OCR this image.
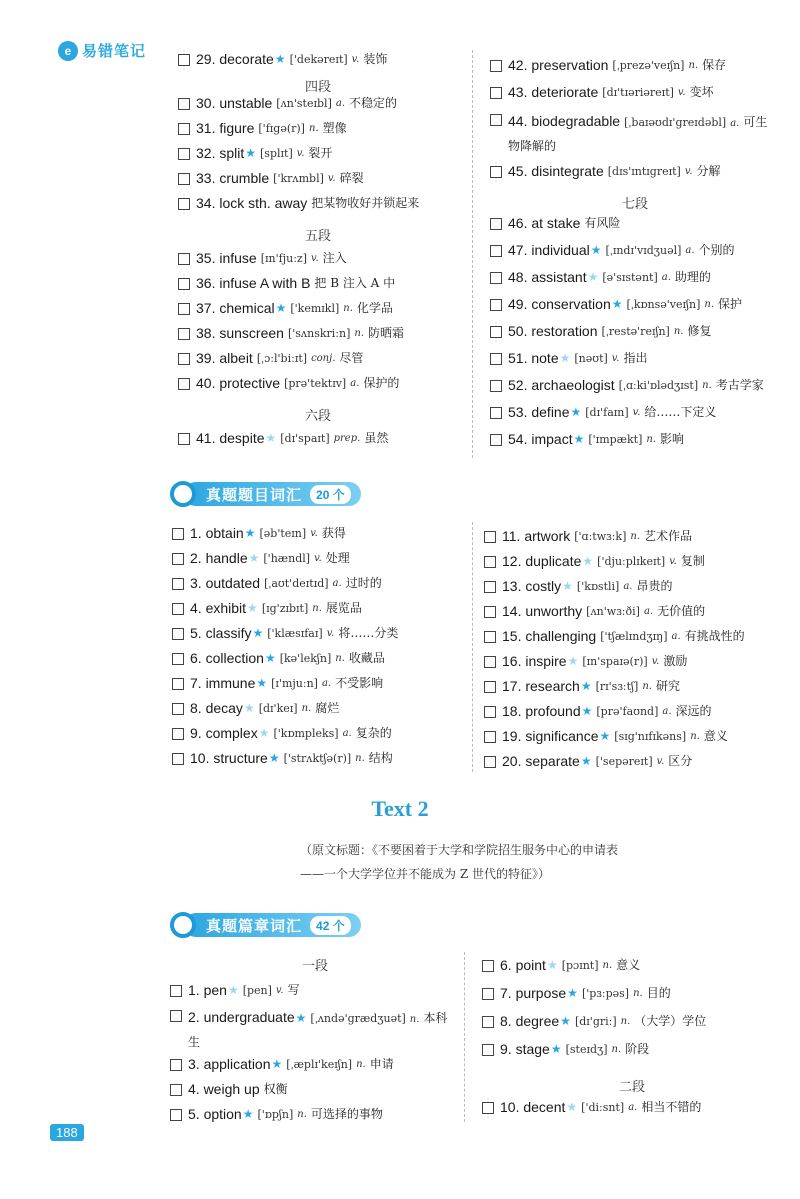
e 易错笔记	29. decorate ★ ['dekəreɪt] v. 装饰
四段
30. unstable [ʌn'steɪbl] a. 不稳定的
31. figure ['fɪgə(r)] n. 塑像
32. split ★ [splɪt] v. 裂开
33. crumble ['krʌmbl] v. 碎裂
34. lock sth. away 把某物收好并锁起来
五段
35. infuse [ɪn'fjuːz] v. 注入
36. infuse A with B 把 B 注入 A 中
37. chemical ★ ['kemɪkl] n. 化学品
38. sunscreen ['sʌnskriːn] n. 防晒霜
39. albeit [ˌɔːl'biːɪt] conj. 尽管
40. protective [prə'tektɪv] a. 保护的
六段
41. despite ★ [dɪ'spaɪt] prep. 虽然
42. preservation [ˌprezə'veɪʃn] n. 保存
43. deteriorate [dɪ'tɪəriəreɪt] v. 变坏
44. biodegradable [ˌbaɪəʊdɪ'greɪdəbl] a. 可生物降解的
45. disintegrate [dɪs'ɪntɪgreɪt] v. 分解
七段
46. at stake 有风险
47. individual ★ [ˌɪndɪ'vɪdʒuəl] a. 个别的
48. assistant ★ [ə'sɪstənt] a. 助理的
49. conservation ★ [ˌkɒnsə'veɪʃn] n. 保护
50. restoration [ˌrestə'reɪʃn] n. 修复
51. note ★ [nəʊt] v. 指出
52. archaeologist [ˌɑːki'ɒlədʒɪst] n. 考古学家
53. define ★ [dɪ'faɪn] v. 给……下定义
54. impact ★ ['ɪmpækt] n. 影响
真题题目词汇	20 个
1. obtain ★ [əb'teɪn] v. 获得
2. handle ★ ['hændl] v. 处理
3. outdated [ˌaʊt'deɪtɪd] a. 过时的
4. exhibit ★ [ɪg'zɪbɪt] n. 展览品
5. classify ★ ['klæsɪfaɪ] v. 将……分类
6. collection ★ [kə'lekʃn] n. 收藏品
7. immune ★ [ɪ'mjuːn] a. 不受影响
8. decay ★ [dɪ'keɪ] n. 腐烂
9. complex ★ ['kɒmpleks] a. 复杂的
10. structure ★ ['strʌktʃə(r)] n. 结构
11. artwork ['ɑːtwɜːk] n. 艺术作品
12. duplicate ★ ['djuːplɪkeɪt] v. 复制
13. costly ★ ['kɒstli] a. 昂贵的
14. unworthy [ʌn'wɜːði] a. 无价值的
15. challenging ['tʃælɪndʒɪŋ] a. 有挑战性的
16. inspire ★ [ɪn'spaɪə(r)] v. 激励
17. research ★ [rɪ'sɜːtʃ] n. 研究
18. profound ★ [prə'faʊnd] a. 深远的
19. significance ★ [sɪg'nɪfɪkəns] n. 意义
20. separate ★ ['sepəreɪt] v. 区分
Text 2
（原文标题：《不要困着于大学和学院招生服务中心的申请表——一个大学学位并不能成为 Z 世代的特征》）
真题篇章词汇	42 个
一段
1. pen ★ [pen] v. 写
2. undergraduate★ [ˌʌndə'grædʒuət] n. 本科生
3. application ★ [ˌæplɪ'keɪʃn] n. 申请
4. weigh up 权衡
5. option ★ ['ɒpʃn] n. 可选择的事物
6. point ★ [pɔɪnt] n. 意义
7. purpose ★ ['pɜːpəs] n. 目的
8. degree ★ [dɪ'griː] n. （大学）学位
9. stage ★ [steɪdʒ] n. 阶段
二段
10. decent ★ ['diːsnt] a. 相当不错的
188
